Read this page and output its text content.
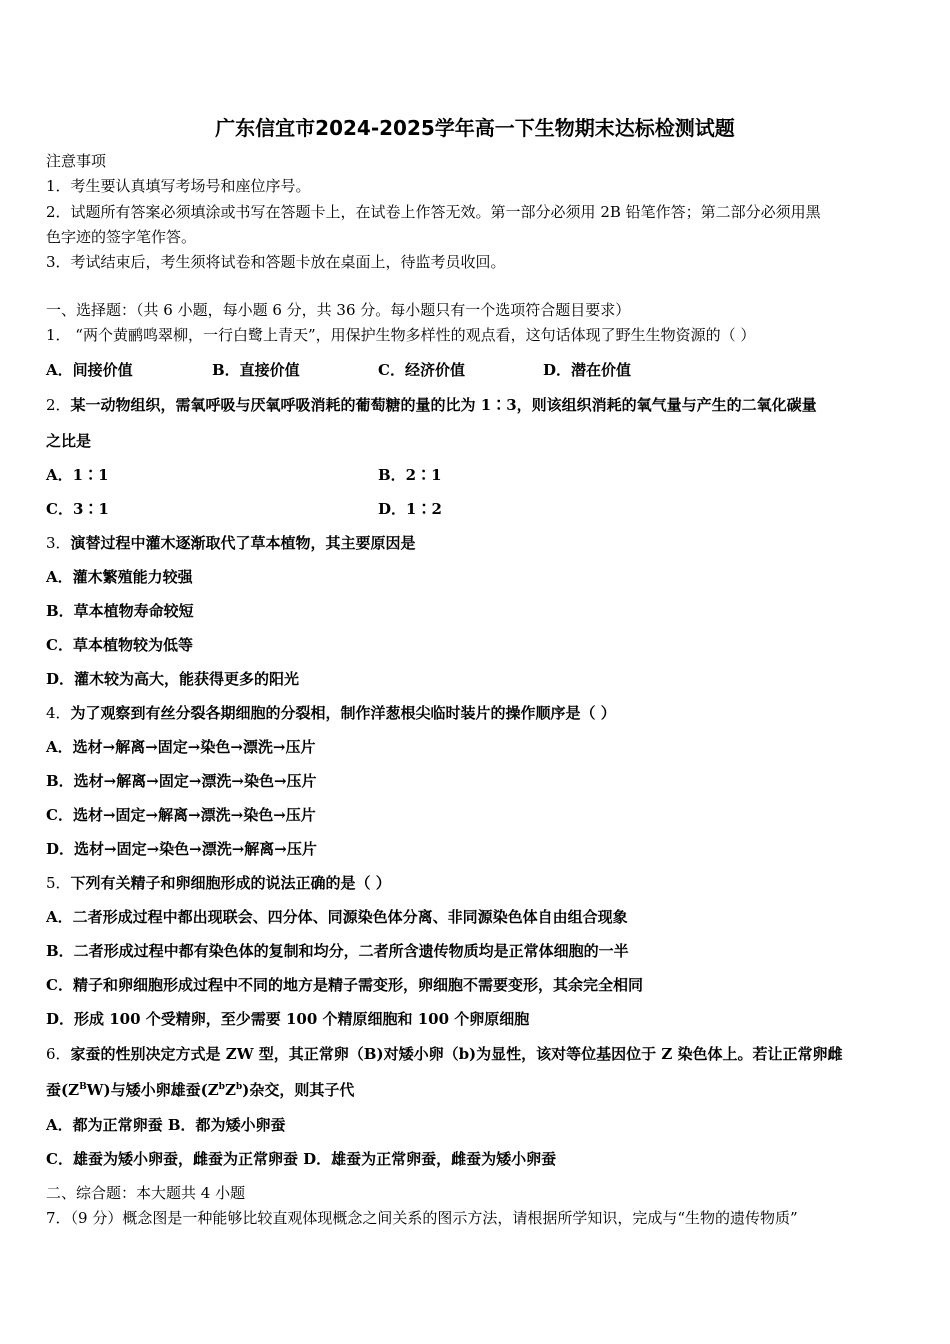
广东信宜市2024-2025学年高一下生物期末达标检测试题
注意事项
1．考生要认真填写考场号和座位序号。
2．试题所有答案必须填涂或书写在答题卡上，在试卷上作答无效。第一部分必须用 2B 铅笔作答；第二部分必须用黑
色字迹的签字笔作答。
3．考试结束后，考生须将试卷和答题卡放在桌面上，待监考员收回。
一、选择题：（共 6 小题，每小题 6 分，共 36 分。每小题只有一个选项符合题目要求）
1． “两个黄鹂鸣翠柳，一行白鹭上青天”，用保护生物多样性的观点看，这句话体现了野生生物资源的（ ）
A．间接价值	B．直接价值	C．经济价值	D．潜在价值
2．某一动物组织，需氧呼吸与厌氧呼吸消耗的葡萄糖的量的比为 1∶3，则该组织消耗的氧气量与产生的二氧化碳量
之比是
A．1∶1	B．2∶1
C．3∶1	D．1∶2
3．演替过程中灌木逐渐取代了草本植物，其主要原因是
A．灌木繁殖能力较强
B．草本植物寿命较短
C．草本植物较为低等
D．灌木较为高大，能获得更多的阳光
4．为了观察到有丝分裂各期细胞的分裂相，制作洋葱根尖临时装片的操作顺序是（ ）
A．选材→解离→固定→染色→漂洗→压片
B．选材→解离→固定→漂洗→染色→压片
C．选材→固定→解离→漂洗→染色→压片
D．选材→固定→染色→漂洗→解离→压片
5．下列有关精子和卵细胞形成的说法正确的是（ ）
A．二者形成过程中都出现联会、四分体、同源染色体分离、非同源染色体自由组合现象
B．二者形成过程中都有染色体的复制和均分，二者所含遗传物质均是正常体细胞的一半
C．精子和卵细胞形成过程中不同的地方是精子需变形，卵细胞不需要变形，其余完全相同
D．形成 100 个受精卵，至少需要 100 个精原细胞和 100 个卵原细胞
6．家蚕的性别决定方式是 ZW 型，其正常卵（B)对矮小卵（b)为显性，该对等位基因位于 Z 染色体上。若让正常卵雌
蚕$(Z^BW)$与矮小卵雄蚕$(Z^bZ^b)$杂交，则其子代
A．都为正常卵蚕 B．都为矮小卵蚕
C．雄蚕为矮小卵蚕，雌蚕为正常卵蚕 D．雄蚕为正常卵蚕，雌蚕为矮小卵蚕
二、综合题：本大题共 4 小题
7．（9 分）概念图是一种能够比较直观体现概念之间关系的图示方法，请根据所学知识，完成与“生物的遗传物质”
